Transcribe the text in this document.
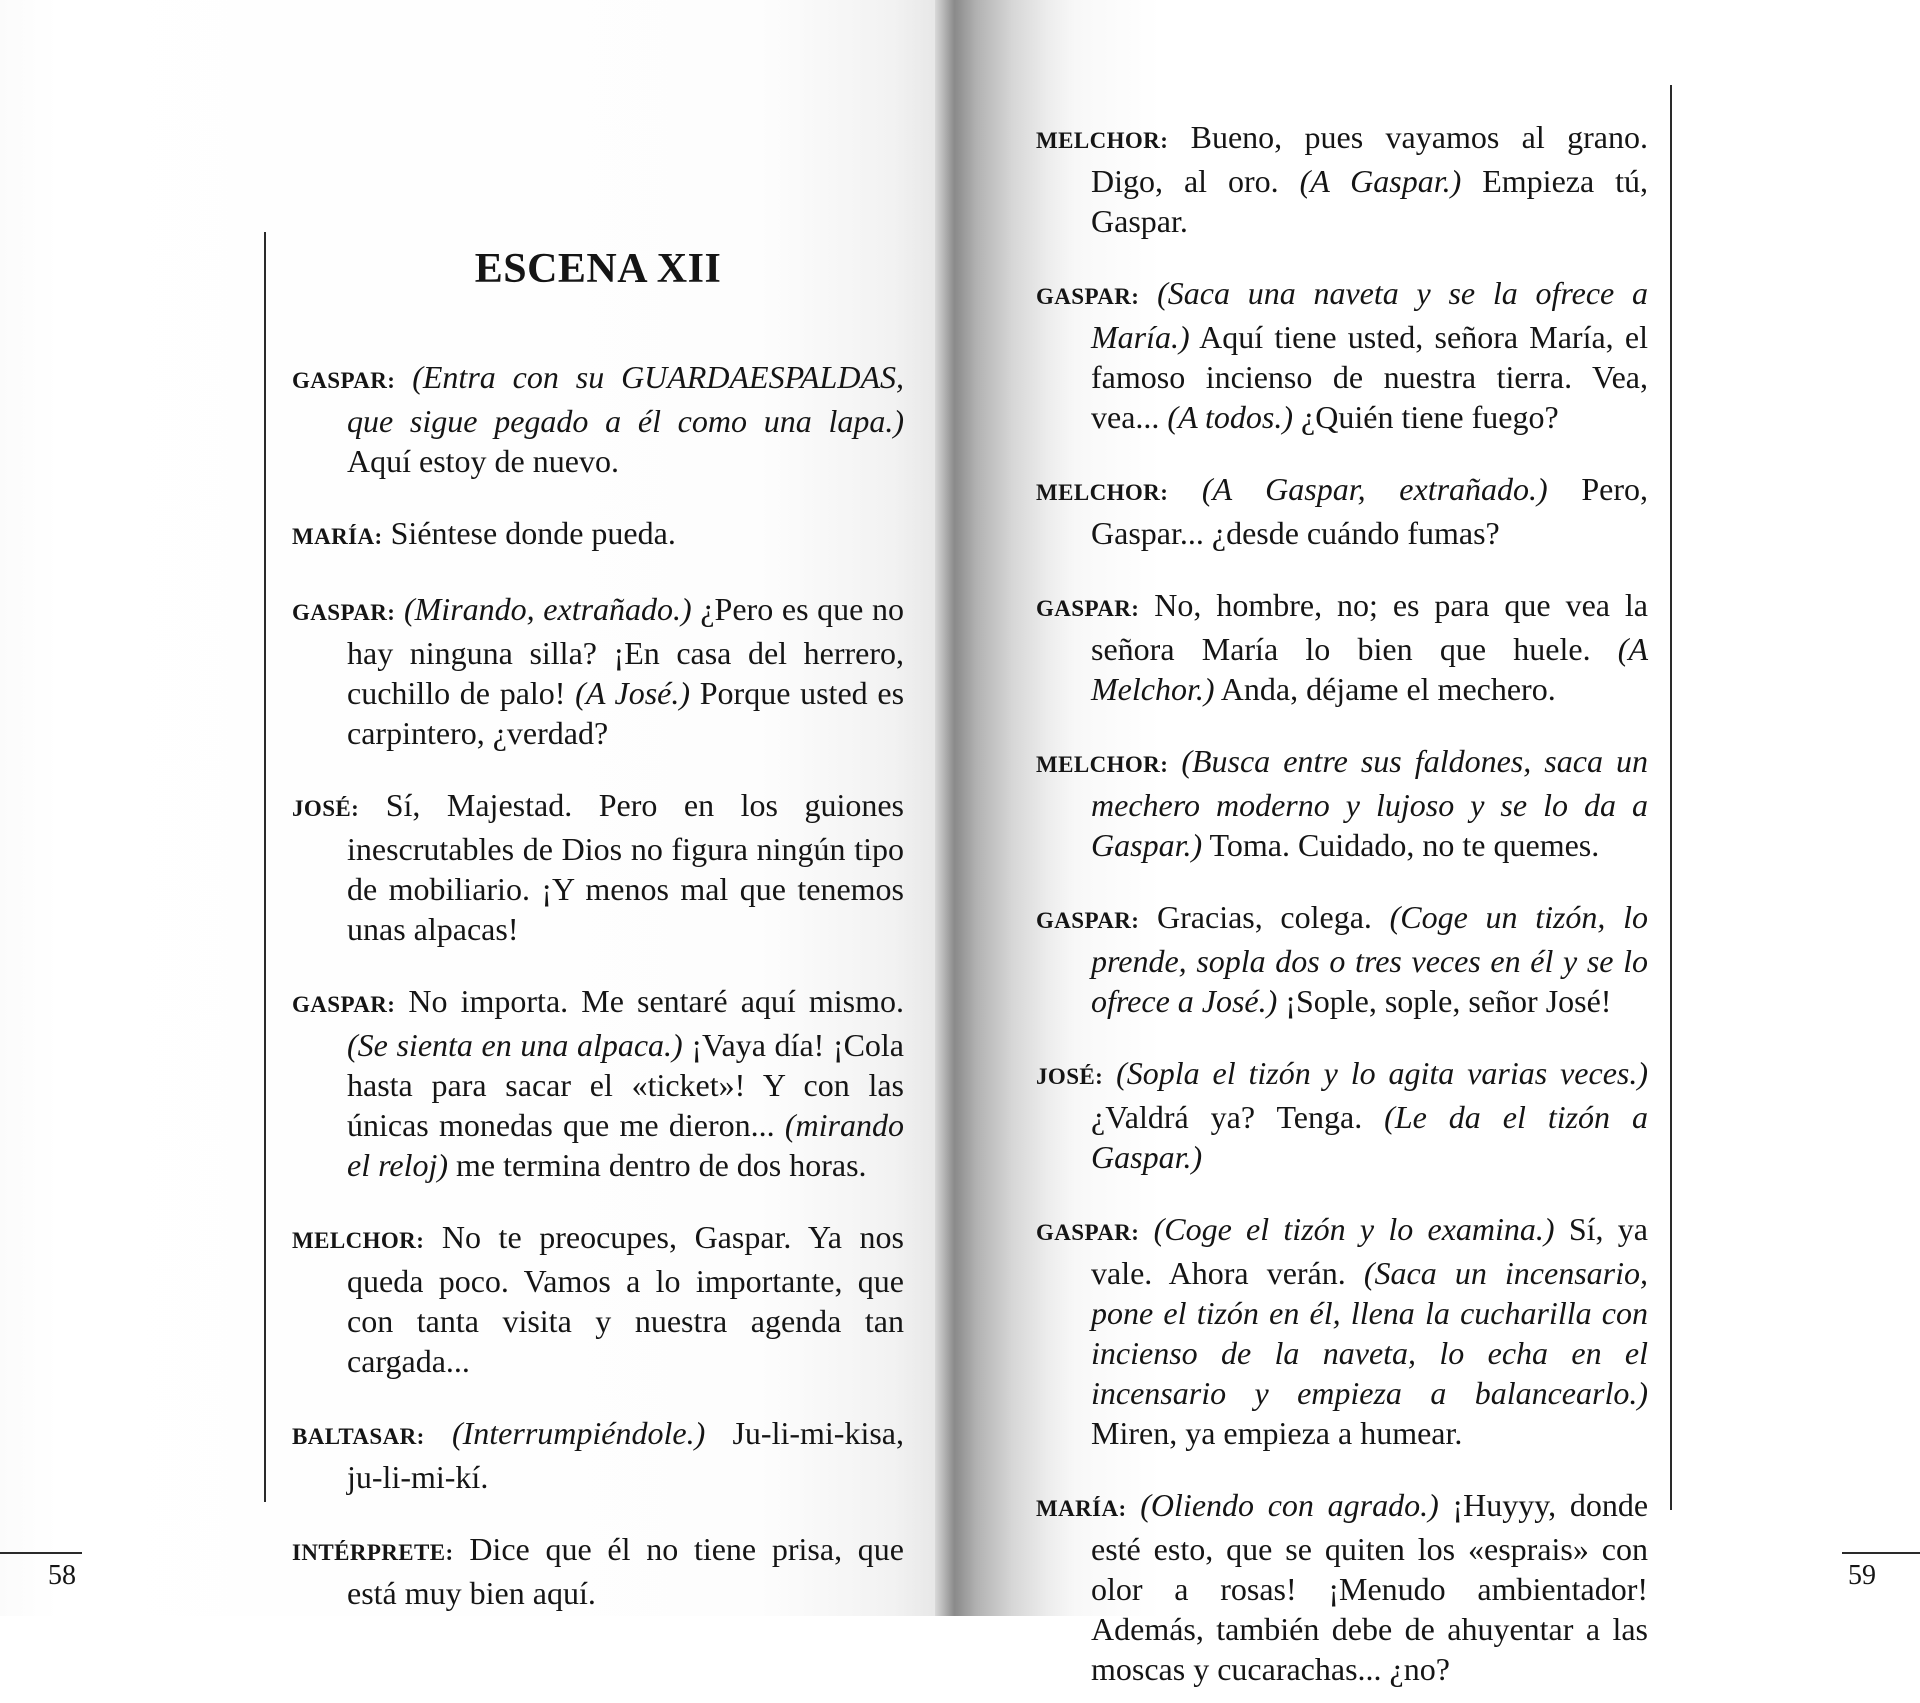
ESCENA XII

GASPAR: (Entra con su GUARDAESPALDAS, que sigue pegado a él como una lapa.) Aquí estoy de nuevo.

MARÍA: Siéntese donde pueda.

GASPAR: (Mirando, extrañado.) ¿Pero es que no hay ninguna silla? ¡En casa del herrero, cuchillo de palo! (A José.) Porque usted es carpintero, ¿verdad?

JOSÉ: Sí, Majestad. Pero en los guiones inescrutables de Dios no figura ningún tipo de mobiliario. ¡Y menos mal que tenemos unas alpacas!

GASPAR: No importa. Me sentaré aquí mismo. (Se sienta en una alpaca.) ¡Vaya día! ¡Cola hasta para sacar el «ticket»! Y con las únicas monedas que me dieron... (mirando el reloj) me termina dentro de dos horas.

MELCHOR: No te preocupes, Gaspar. Ya nos queda poco. Vamos a lo importante, que con tanta visita y nuestra agenda tan cargada...

BALTASAR: (Interrumpiéndole.) Ju-li-mi-kisa, ju-li-mi-kí.

INTÉRPRETE: Dice que él no tiene prisa, que está muy bien aquí.

MELCHOR: Bueno, pues vayamos al grano. Digo, al oro. (A Gaspar.) Empieza tú, Gaspar.

GASPAR: (Saca una naveta y se la ofrece a María.) Aquí tiene usted, señora María, el famoso incienso de nuestra tierra. Vea, vea... (A todos.) ¿Quién tiene fuego?

MELCHOR: (A Gaspar, extrañado.) Pero, Gaspar... ¿desde cuándo fumas?

GASPAR: No, hombre, no; es para que vea la señora María lo bien que huele. (A Melchor.) Anda, déjame el mechero.

MELCHOR: (Busca entre sus faldones, saca un mechero moderno y lujoso y se lo da a Gaspar.) Toma. Cuidado, no te quemes.

GASPAR: Gracias, colega. (Coge un tizón, lo prende, sopla dos o tres veces en él y se lo ofrece a José.) ¡Sople, sople, señor José!

JOSÉ: (Sopla el tizón y lo agita varias veces.) ¿Valdrá ya? Tenga. (Le da el tizón a Gaspar.)

GASPAR: (Coge el tizón y lo examina.) Sí, ya vale. Ahora verán. (Saca un incensario, pone el tizón en él, llena la cucharilla con incienso de la naveta, lo echa en el incensario y empieza a balancearlo.) Miren, ya empieza a humear.

MARÍA: (Oliendo con agrado.) ¡Huyyy, donde esté esto, que se quiten los «esprais» con olor a rosas! ¡Menudo ambientador! Además, también debe de ahuyentar a las moscas y cucarachas... ¿no?

58	59
